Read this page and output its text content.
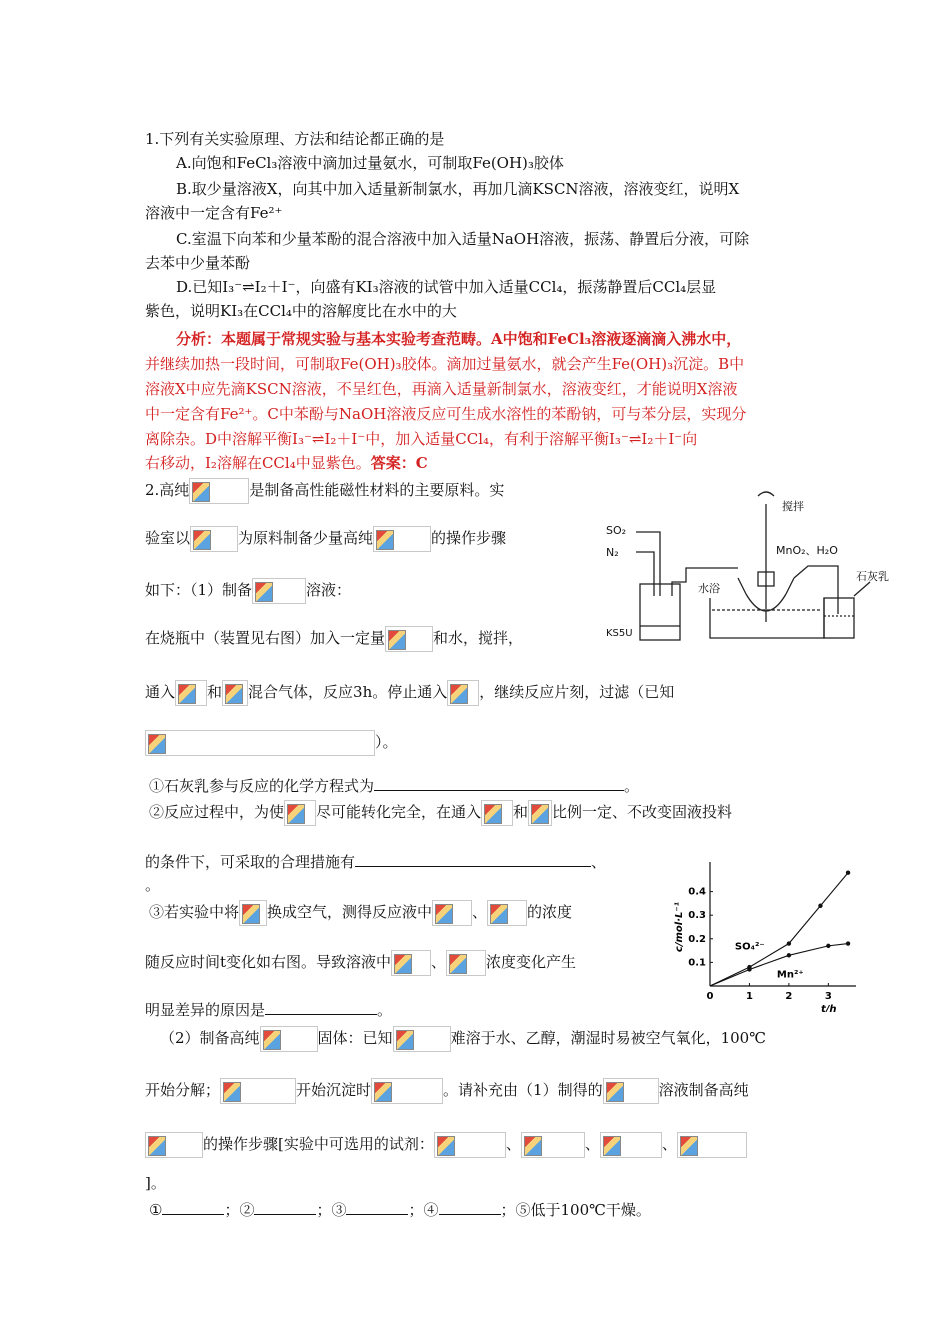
1.下列有关实验原理、方法和结论都正确的是
A.向饱和FeCl₃溶液中滴加过量氨水，可制取Fe(OH)₃胶体
B.取少量溶液X，向其中加入适量新制氯水，再加几滴KSCN溶液，溶液变红，说明X
溶液中一定含有Fe²⁺
C.室温下向苯和少量苯酚的混合溶液中加入适量NaOH溶液，振荡、静置后分液，可除
去苯中少量苯酚
D.已知I₃⁻⇌I₂＋I⁻，向盛有KI₃溶液的试管中加入适量CCl₄，振荡静置后CCl₄层显
紫色，说明KI₃在CCl₄中的溶解度比在水中的大
分析：本题属于常规实验与基本实验考查范畴。A中饱和FeCl₃溶液逐滴滴入沸水中，
并继续加热一段时间，可制取Fe(OH)₃胶体。滴加过量氨水，就会产生Fe(OH)₃沉淀。B中
溶液X中应先滴KSCN溶液，不呈红色，再滴入适量新制氯水，溶液变红，才能说明X溶液
中一定含有Fe²⁺。C中苯酚与NaOH溶液反应可生成水溶性的苯酚钠，可与苯分层，实现分
离除杂。D中溶解平衡I₃⁻⇌I₂＋I⁻中，加入适量CCl₄，有利于溶解平衡I₃⁻⇌I₂＋I⁻向
右移动，I₂溶解在CCl₄中显紫色。答案：C
2.高纯	是制备高性能磁性材料的主要原料。实
验室以	为原料制备少量高纯	的操作步骤
如下：（1）制备	溶液：
在烧瓶中（装置见右图）加入一定量	和水，搅拌，
通入 和 混合气体，反应3h。停止通入 ，继续反应片刻，过滤（已知
）。
①石灰乳参与反应的化学方程式为	。
②反应过程中，为使 尽可能转化完全，在通入 和 比例一定、不改变固液投料
的条件下，可采取的合理措施有	、
。
③若实验中将 换成空气，测得反应液中	、	的浓度
随反应时间t变化如右图。导致溶液中	、	浓度变化产生
明显差异的原因是	。
（2）制备高纯	固体：已知	难溶于水、乙醇，潮湿时易被空气氧化，100℃
开始分解；	开始沉淀时	。请补充由（1）制得的	溶液制备高纯
的操作步骤[实验中可选用的试剂：	、	、	、
]。
①	；②	；③	；④	；⑤低于100℃干燥。
搅拌
SO₂
N₂	MnO₂、H₂O
水浴
石灰乳
KS5U
0	1	2	3
0.1
0.2
0.3
0.4
t/h
c/mol·L⁻¹	SO₄²⁻
Mn²⁺
